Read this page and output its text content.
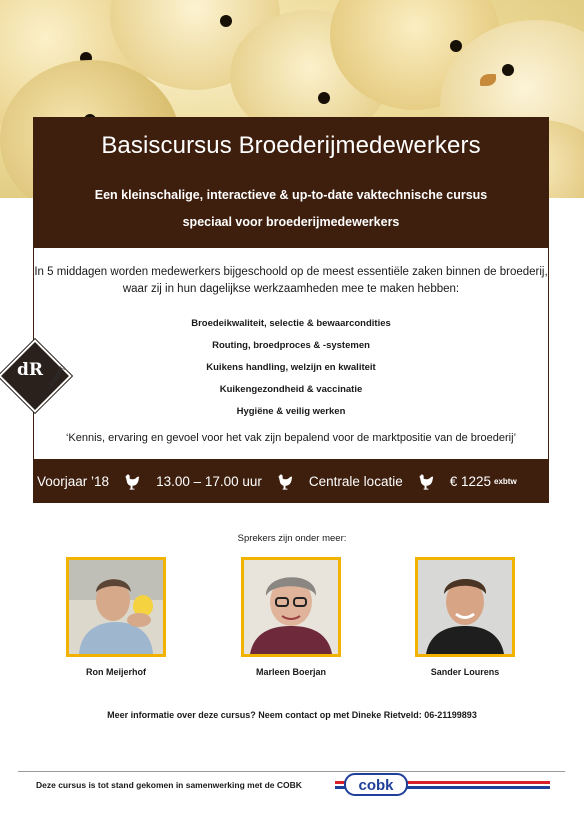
Basiscursus Broederijmedewerkers
Een kleinschalige, interactieve & up-to-date vaktechnische cursus
speciaal voor broederijmedewerkers
In 5 middagen worden medewerkers bijgeschoold op de meest essentiële zaken binnen de broederij,
waar zij in hun dagelijkse werkzaamheden mee te maken hebben:
Broedeikwaliteit, selectie & bewaarcondities
Routing, broedproces & -systemen
Kuikens handling, welzijn en kwaliteit
Kuikengezondheid & vaccinatie
Hygiëne & veilig werken
‘Kennis, ervaring en gevoel voor het vak zijn bepalend voor de marktpositie van de broederij’
dR Training
Voorjaar ’18	13.00 – 17.00 uur	Centrale locatie	€ 1225 exbtw
Sprekers zijn onder meer:
Ron Meijerhof	Marleen Boerjan	Sander Lourens
Meer informatie over deze cursus? Neem contact op met Dineke Rietveld: 06-21199893
Deze cursus is tot stand gekomen in samenwerking met de COBK	cobk
